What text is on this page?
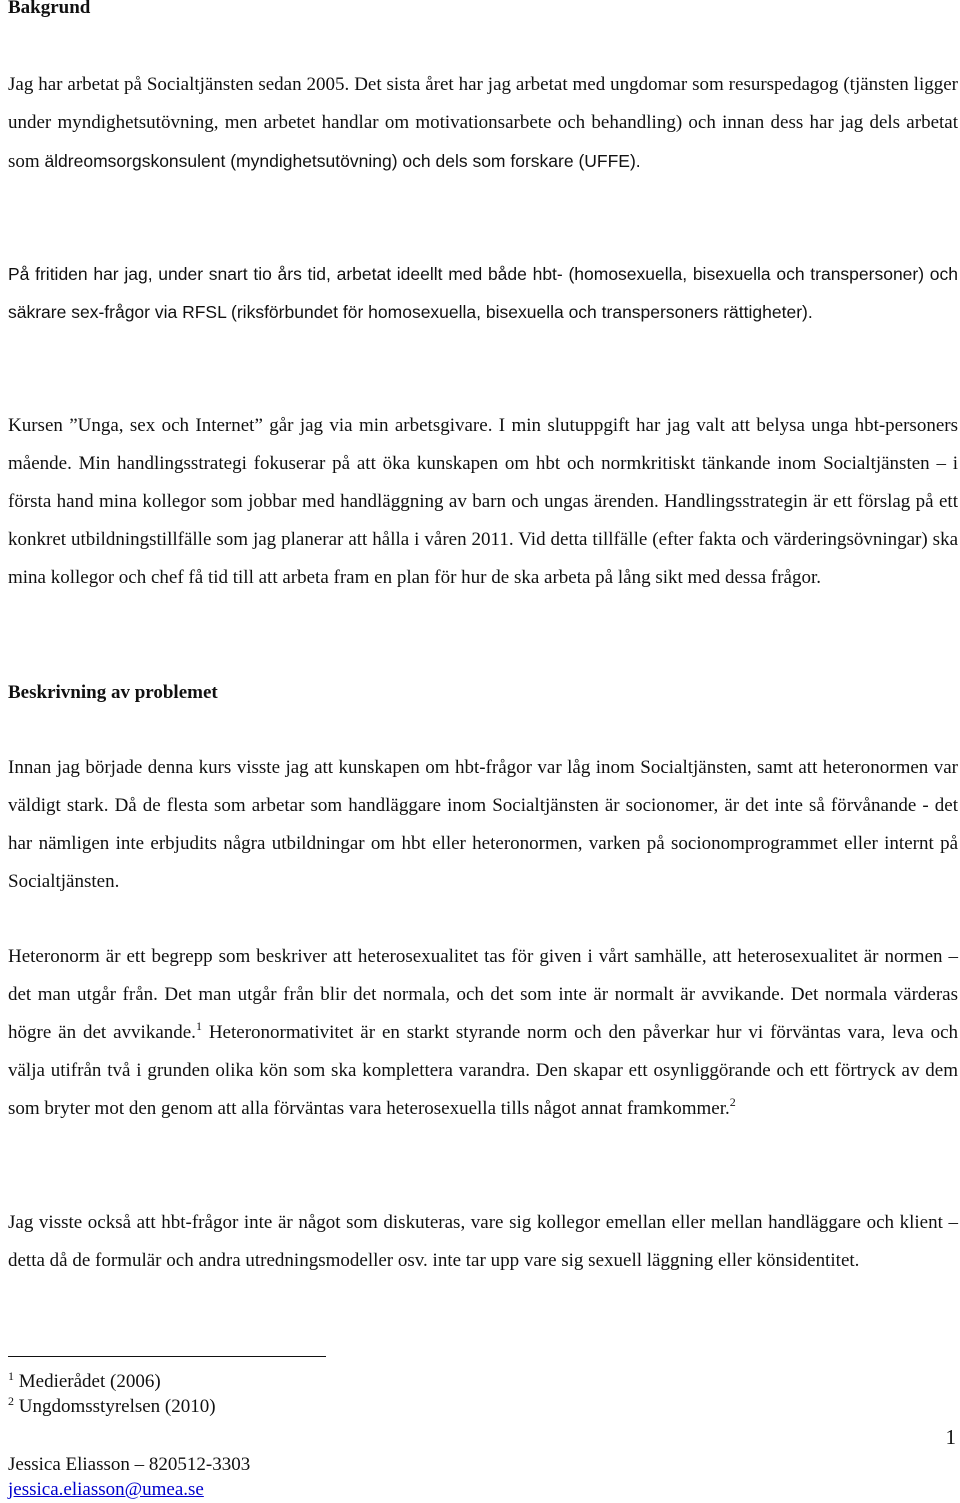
Bakgrund

Jag har arbetat på Socialtjänsten sedan 2005. Det sista året har jag arbetat med ungdomar som resurspedagog (tjänsten ligger under myndighetsutövning, men arbetet handlar om motivationsarbete och behandling) och innan dess har jag dels arbetat som äldreomsorgskonsulent (myndighetsutövning) och dels som forskare (UFFE).

På fritiden har jag, under snart tio års tid, arbetat ideellt med både hbt- (homosexuella, bisexuella och transpersoner) och säkrare sex-frågor via RFSL (riksförbundet för homosexuella, bisexuella och transpersoners rättigheter).

Kursen ”Unga, sex och Internet” går jag via min arbetsgivare. I min slutuppgift har jag valt att belysa unga hbt-personers mående. Min handlingsstrategi fokuserar på att öka kunskapen om hbt och normkritiskt tänkande inom Socialtjänsten – i första hand mina kollegor som jobbar med handläggning av barn och ungas ärenden. Handlingsstrategin är ett förslag på ett konkret utbildningstillfälle som jag planerar att hålla i våren 2011. Vid detta tillfälle (efter fakta och värderingsövningar) ska mina kollegor och chef få tid till att arbeta fram en plan för hur de ska arbeta på lång sikt med dessa frågor.

Beskrivning av problemet

Innan jag började denna kurs visste jag att kunskapen om hbt-frågor var låg inom Socialtjänsten, samt att heteronormen var väldigt stark. Då de flesta som arbetar som handläggare inom Socialtjänsten är socionomer, är det inte så förvånande - det har nämligen inte erbjudits några utbildningar om hbt eller heteronormen, varken på socionomprogrammet eller internt på Socialtjänsten.

Heteronorm är ett begrepp som beskriver att heterosexualitet tas för given i vårt samhälle, att heterosexualitet är normen – det man utgår från. Det man utgår från blir det normala, och det som inte är normalt är avvikande. Det normala värderas högre än det avvikande.$^1$ Heteronormativitet är en starkt styrande norm och den påverkar hur vi förväntas vara, leva och välja utifrån två i grunden olika kön som ska komplettera varandra. Den skapar ett osynliggörande och ett förtryck av dem som bryter mot den genom att alla förväntas vara heterosexuella tills något annat framkommer.$^2$

Jag visste också att hbt-frågor inte är något som diskuteras, vare sig kollegor emellan eller mellan handläggare och klient – detta då de formulär och andra utredningsmodeller osv. inte tar upp vare sig sexuell läggning eller könsidentitet.

$^1$ Medierådet (2006)

$^2$ Ungdomsstyrelsen (2010)

1
Jessica Eliasson – 820512-3303
jessica.eliasson@umea.se
